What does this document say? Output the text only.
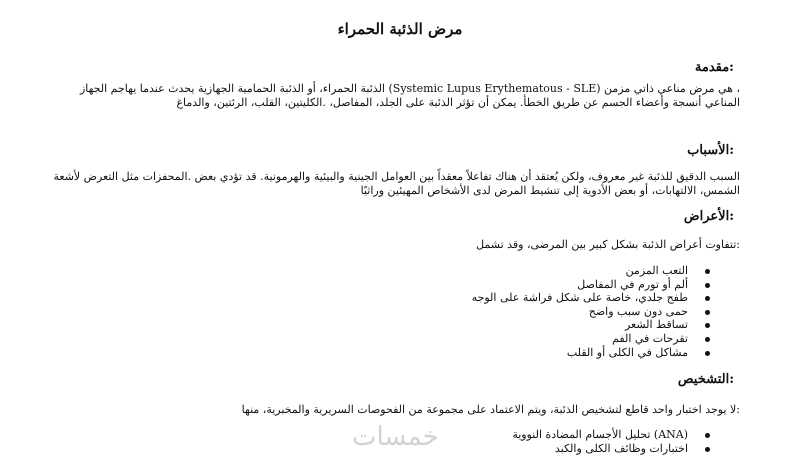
مرض الذئبة الحمراء
:مقدمة

، هي مرض مناعي ذاتي مزمن (Systemic Lupus Erythematous - SLE) الذئبة الحمراء، أو الذئبة الحمامية الجهازية يحدث عندما يهاجم الجهاز المناعي أنسجة وأعضاء الجسم عن طريق الخطأ. يمكن أن تؤثر الذئبة على الجلد، المفاصل، .الكليتين، القلب، الرئتين، والدماغ

:الأسباب

السبب الدقيق للذئبة غير معروف، ولكن يُعتقد أن هناك تفاعلاً معقداً بين العوامل الجينية والبيئية والهرمونية. قد تؤدي بعض .المحفزات مثل التعرض لأشعة الشمس، الالتهابات، أو بعض الأدوية إلى تنشيط المرض لدى الأشخاص المهيئين وراثيًا

:الأعراض

:تتفاوت أعراض الذئبة بشكل كبير بين المرضى، وقد تشمل

التعب المزمن
ألم أو تورم في المفاصل
طفح جلدي، خاصة على شكل فراشة على الوجه
حمى دون سبب واضح
تساقط الشعر
تقرحات في الفم
مشاكل في الكلى أو القلب
:التشخيص

:لا يوجد اختبار واحد قاطع لتشخيص الذئبة، ويتم الاعتماد على مجموعة من الفحوصات السريرية والمخبرية، منها

(ANA) تحليل الأجسام المضادة النووية
اختبارات وظائف الكلى والكبد
خمسات
